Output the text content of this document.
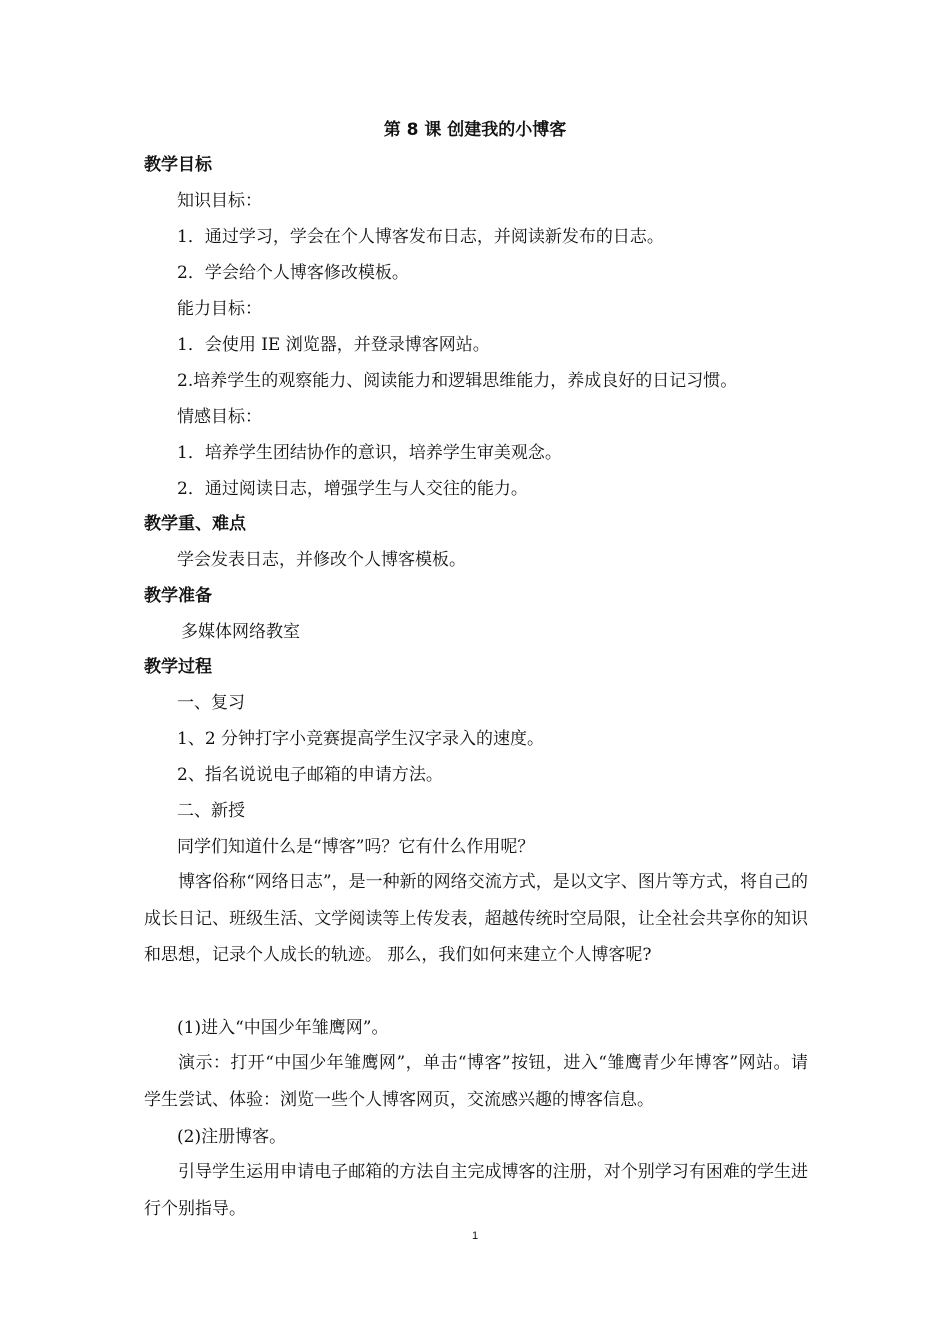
第 8 课 创建我的小博客
教学目标
知识目标：
1．通过学习，学会在个人博客发布日志，并阅读新发布的日志。
2．学会给个人博客修改模板。
能力目标：
1．会使用 IE 浏览器，并登录博客网站。
2.培养学生的观察能力、阅读能力和逻辑思维能力，养成良好的日记习惯。
情感目标：
1．培养学生团结协作的意识，培养学生审美观念。
2．通过阅读日志，增强学生与人交往的能力。
教学重、难点
学会发表日志，并修改个人博客模板。
教学准备
多媒体网络教室
教学过程
一、复习
1、2 分钟打字小竞赛提高学生汉字录入的速度。
2、指名说说电子邮箱的申请方法。
二、新授
同学们知道什么是“博客”吗？它有什么作用呢？
博客俗称“网络日志”，是一种新的网络交流方式，是以文字、图片等方式，将自己的成长日记、班级生活、文学阅读等上传发表，超越传统时空局限，让全社会共享你的知识和思想，记录个人成长的轨迹。 那么，我们如何来建立个人博客呢?
(1)进入“中国少年雏鹰网”。
演示：打开“中国少年雏鹰网”，单击“博客”按钮，进入“雏鹰青少年博客”网站。请学生尝试、体验：浏览一些个人博客网页，交流感兴趣的博客信息。
(2)注册博客。
引导学生运用申请电子邮箱的方法自主完成博客的注册，对个别学习有困难的学生进行个别指导。
1
